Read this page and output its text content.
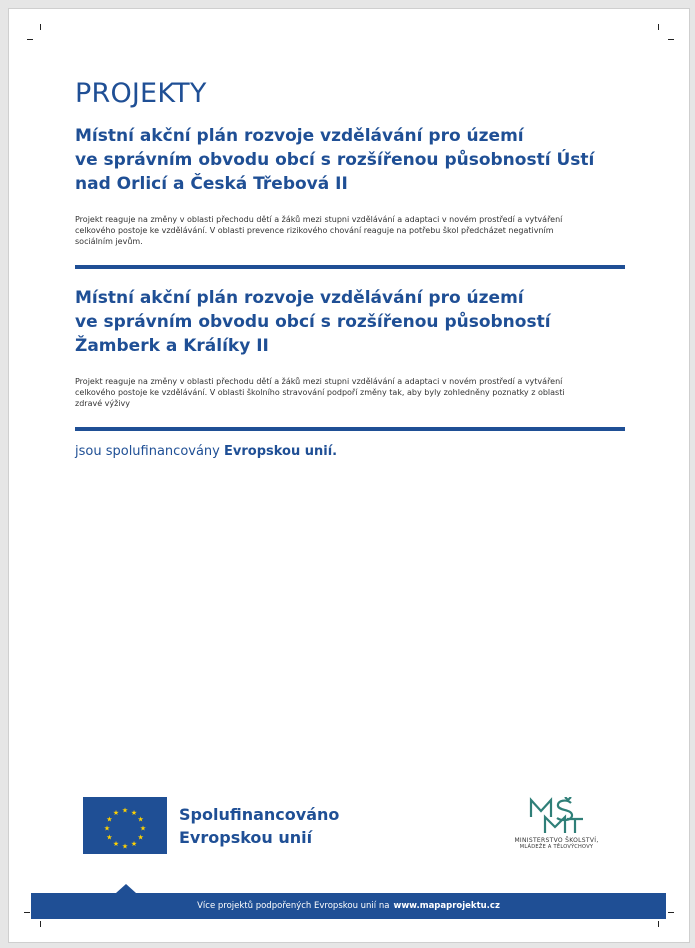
PROJEKTY
Místní akční plán rozvoje vzdělávání pro území
ve správním obvodu obcí s rozšířenou působností Ústí
nad Orlicí a Česká Třebová II
Projekt reaguje na změny v oblasti přechodu dětí a žáků mezi stupni vzdělávání a adaptaci v novém prostředí a vytváření
celkového postoje ke vzdělávání. V oblasti prevence rizikového chování reaguje na potřebu škol předcházet negativním
sociálním jevům.
Místní akční plán rozvoje vzdělávání pro území
ve správním obvodu obcí s rozšířenou působností
Žamberk a Králíky II
Projekt reaguje na změny v oblasti přechodu dětí a žáků mezi stupni vzdělávání a adaptaci v novém prostředí a vytváření
celkového postoje ke vzdělávání. V oblasti školního stravování podpoří změny tak, aby byly zohledněny poznatky z oblasti
zdravé výživy
jsou spolufinancovány Evropskou unií.
★ ★
★
★
★
★
★
★
★
★
★
★	Spolufinancováno
Evropskou unií	MINISTERSTVO ŠKOLSTVÍ,
MLÁDEŽE A TĚLOVÝCHOVY
Více projektů podpořených Evropskou unií na www.mapaprojektu.cz
